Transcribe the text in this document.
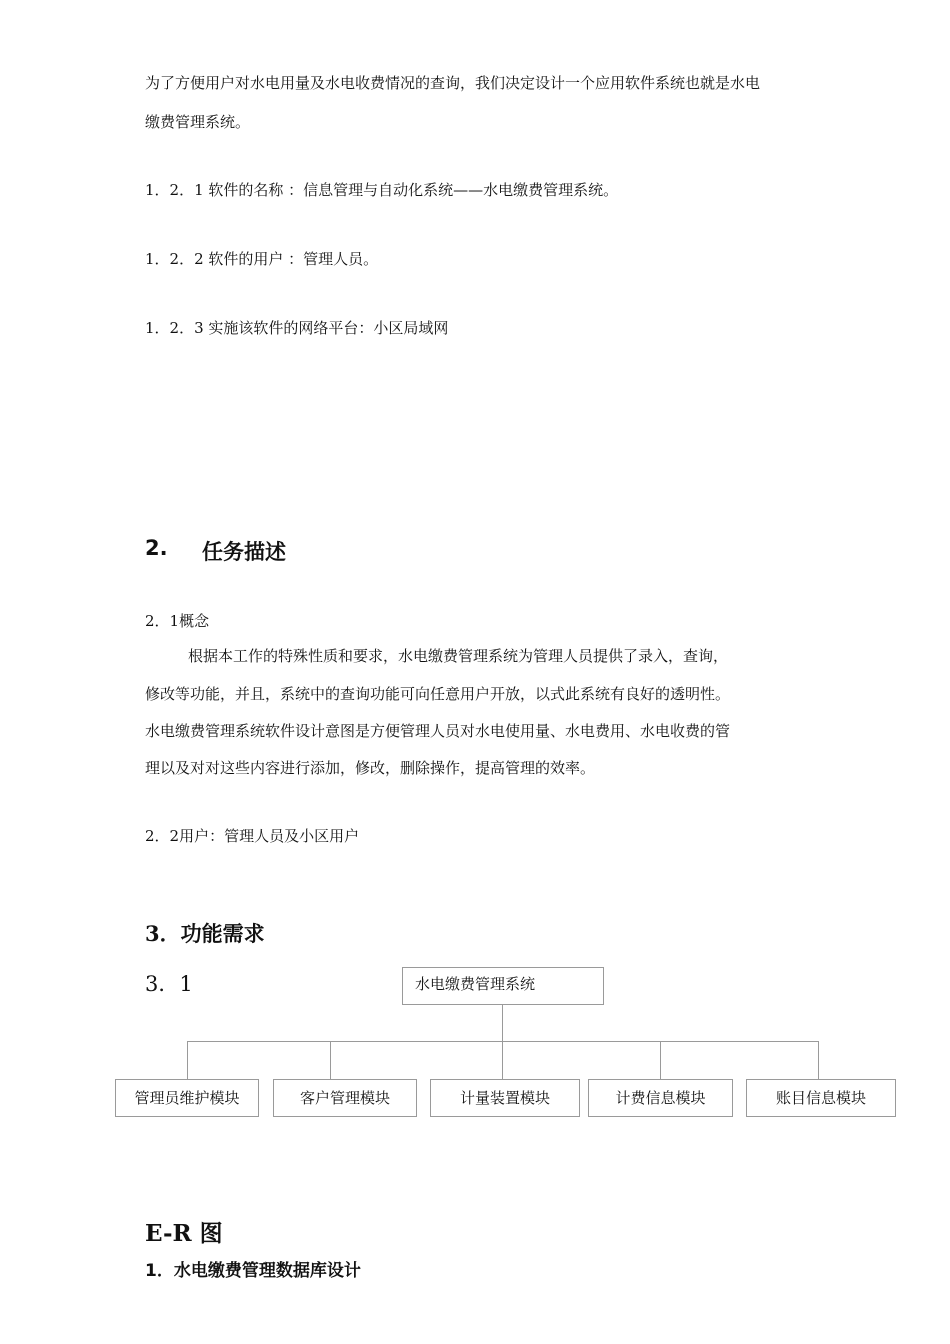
为了方便用户对水电用量及水电收费情况的查询，我们决定设计一个应用软件系统也就是水电
缴费管理系统。
1．2．1 软件的名称 ：信息管理与自动化系统——水电缴费管理系统。
1．2．2 软件的用户 ：管理人员。
1．2．3 实施该软件的网络平台：小区局域网
2. 任务描述
2．1概念
根据本工作的特殊性质和要求，水电缴费管理系统为管理人员提供了录入，查询，
修改等功能，并且，系统中的查询功能可向任意用户开放，以式此系统有良好的透明性。
水电缴费管理系统软件设计意图是方便管理人员对水电使用量、水电费用、水电收费的管
理以及对对这些内容进行添加，修改，删除操作，提高管理的效率。
2．2用户：管理人员及小区用户
3．功能需求
3．1	水电缴费管理系统
管理员维护模块	客户管理模块	计量装置模块	计费信息模块	账目信息模块
E-R 图
1．水电缴费管理数据库设计
